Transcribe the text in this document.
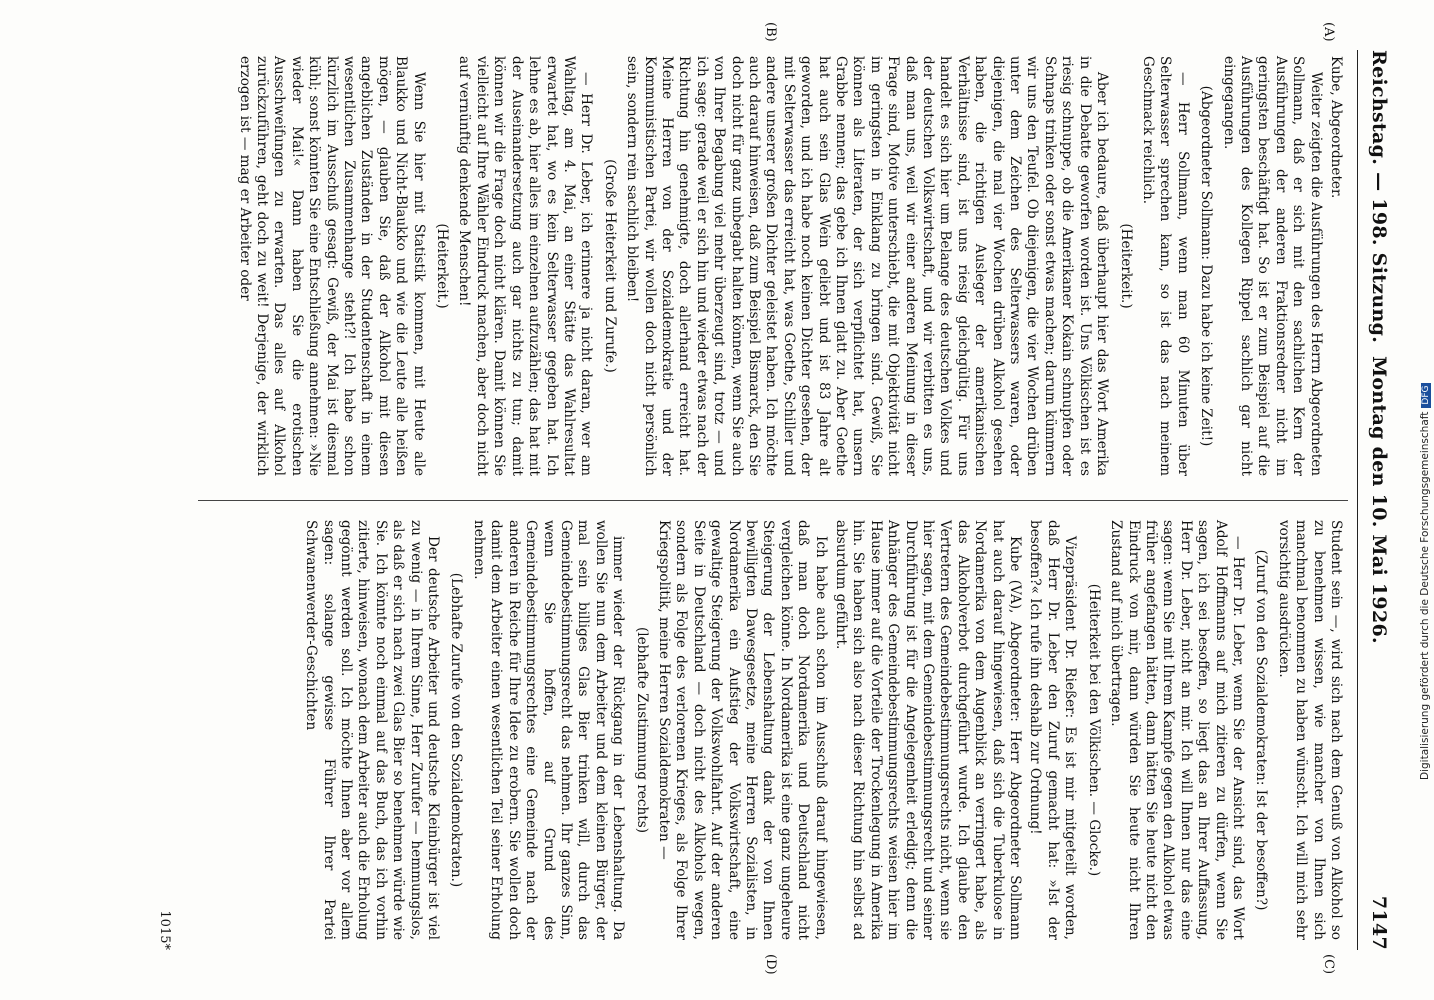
Reichstag. — 198. Sitzung.
Montag den 10. Mai 1926.
7147
(A)
(B)
(C)
(D)

Kube, Abgeordneter.

Weiter zeigten die Ausführungen des Herrn Abgeordneten Sollmann, daß er sich mit den sachlichen Kern der Ausführungen der anderen Fraktionsredner nicht im geringsten beschäftigt hat. So ist er zum Beispiel auf die Ausführungen des Kollegen Rippel sachlich gar nicht eingegangen.

(Abgeordneter Sollmann: Dazu habe ich keine Zeit!)

— Herr Sollmann, wenn man 60 Minuten über Selterwasser sprechen kann, so ist das nach meinem Geschmack reichlich.

(Heiterkeit.)

Aber ich bedaure, daß überhaupt hier das Wort Amerika in die Debatte geworfen worden ist. Uns Völkischen ist es riesig schnuppe, ob die Amerikaner Kokain schnupfen oder Schnaps trinken oder sonst etwas machen; darum kümmern wir uns den Teufel. Ob diejenigen, die vier Wochen drüben unter dem Zeichen des Selterwassers waren, oder diejenigen, die mal vier Wochen drüben Alkohol gesehen haben, die richtigen Ausleger der amerikanischen Verhältnisse sind, ist uns riesig gleichgültig. Für uns handelt es sich hier um Belange des deutschen Volkes und der deutschen Volkswirtschaft, und wir verbitten es uns, daß man uns, weil wir einer anderen Meinung in dieser Frage sind, Motive unterschiebt, die mit Objektivität nicht im geringsten in Einklang zu bringen sind. Gewiß, Sie können als Literaten, der sich verpflichtet hat, unsern Grabbe nennen; das gebe ich Ihnen glatt zu. Aber Goethe hat auch sein Glas Wein geliebt und ist 83 Jahre alt geworden, und ich habe noch keinen Dichter gesehen, der mit Selterwasser das erreicht hat, was Goethe, Schiller und andere unserer großen Dichter geleistet haben. Ich möchte auch darauf hinweisen, daß zum Beispiel Bismarck, den Sie doch nicht für ganz unbegabt halten können, wenn Sie auch von Ihrer Begabung viel mehr überzeugt sind, trotz — und ich sage: gerade weil er sich hin und wieder etwas nach der Richtung hin genehmigte, doch allerhand erreicht hat. Meine Herren von der Sozialdemokratie und der Kommunistischen Partei, wir wollen doch nicht persönlich sein, sondern rein sachlich bleiben!

(Große Heiterkeit und Zurufe.)

— Herr Dr. Leber, ich erinnere ja nicht daran, wer am Wahltag, am 4. Mai, an einer Stätte das Wahlresultat erwartet hat, wo es kein Selterwasser gegeben hat. Ich lehne es ab, hier alles im einzelnen aufzuzählen; das hat mit der Auseinandersetzung auch gar nichts zu tun; damit können wir die Frage doch nicht klären. Damit können Sie vielleicht auf Ihre Wähler Eindruck machen, aber doch nicht auf vernünftig denkende Menschen!

(Heiterkeit.)

Wenn Sie hier mit Statistik kommen, mit Heute alle Blaukko und Nicht-Blaukko und wie die Leute alle heißen mögen, — glauben Sie, daß der Alkohol mit diesen angeblichen Zuständen in der Studentenschaft in einem wesentlichen Zusammenhange steht?! Ich habe schon kürzlich im Ausschuß gesagt: Gewiß, der Mai ist diesmal kühl; sonst könnten Sie eine Entschließung annehmen: »Nie wieder Mai!« Dann haben Sie die erotischen Ausschweifungen zu erwarten. Das alles auf Alkohol zurückzuführen, geht doch zu weit! Derjenige, der wirklich erzogen ist — mag er Arbeiter oder

Student sein —, wird sich nach dem Genuß von Alkohol so zu benehmen wissen, wie mancher von Ihnen sich manchmal benommen zu haben wünscht. Ich will mich sehr vorsichtig ausdrücken.

(Zuruf von den Sozialdemokraten: Ist der besoffen?)

— Herr Dr. Leber, wenn Sie der Ansicht sind, das Wort Adolf Hoffmanns auf mich zitieren zu dürfen, wenn Sie sagen, ich sei besoffen, so liegt das an Ihrer Auffassung, Herr Dr. Leber, nicht an mir. Ich will Ihnen nur das eine sagen: wenn Sie mit Ihrem Kampfe gegen den Alkohol etwas früher angefangen hätten, dann hätten Sie heute nicht den Eindruck von mir, dann würden Sie heute nicht Ihren Zustand auf mich übertragen.

(Heiterkeit bei den Völkischen. — Glocke.)

Vizepräsident Dr. Rießer: Es ist mir mitgeteilt worden, daß Herr Dr. Leber den Zuruf gemacht hat: »Ist der besoffen?« Ich rufe ihn deshalb zur Ordnung!

Kube (VA), Abgeordneter: Herr Abgeordneter Sollmann hat auch darauf hingewiesen, daß sich die Tuberkulose in Nordamerika von dem Augenblick an verringert habe, als das Alkoholverbot durchgeführt wurde. Ich glaube den Vertretern des Gemeindebestimmungsrechts nicht, wenn sie hier sagen, mit dem Gemeindebestimmungsrecht und seiner Durchführung ist für die Angelegenheit erledigt; denn die Anhänger des Gemeindebestimmungsrechts weisen hier im Hause immer auf die Vorteile der Trockenlegung in Amerika hin. Sie haben sich also nach dieser Richtung hin selbst ad absurdum geführt.

Ich habe auch schon im Ausschuß darauf hingewiesen, daß man doch Nordamerika und Deutschland nicht vergleichen könne. In Nordamerika ist eine ganz ungeheure Steigerung der Lebenshaltung dank der von Ihnen bewilligten Dawesgesetze, meine Herren Sozialisten, in Nordamerika ein Aufstieg der Volkswirtschaft, eine gewaltige Steigerung der Volkswohlfahrt. Auf der anderen Seite in Deutschland — doch nicht des Alkohols wegen, sondern als Folge des verlorenen Krieges, als Folge Ihrer Kriegspolitik, meine Herren Sozialdemokraten —

(lebhafte Zustimmung rechts)

immer wieder der Rückgang in der Lebenshaltung. Da wollen Sie nun dem Arbeiter und dem kleinen Bürger, der mal sein billiges Glas Bier trinken will, durch das Gemeindebestimmungsrecht das nehmen. Ihr ganzes Sinn, wenn Sie hoffen, auf Grund des Gemeindebestimmungsrechtes eine Gemeinde nach der anderen in Reiche für Ihre Idee zu erobern. Sie wollen doch damit dem Arbeiter einen wesentlichen Teil seiner Erholung nehmen.

(Lebhafte Zurufe von den Sozialdemokraten.)

Der deutsche Arbeiter und deutsche Kleinbürger ist viel zu wenig — in Ihrem Sinne, Herr Zurufer — hemmungslos, als daß er sich nach zwei Glas Bier so benehmen würde wie Sie. Ich könnte noch einmal auf das Buch, das ich vorhin zitierte, hinweisen, wonach dem Arbeiter auch die Erholung gegönnt werden soll. Ich möchte Ihnen aber vor allem sagen: solange gewisse Führer Ihrer Partei Schwanenwerder-Geschichten

1015*
Digitalisierung gefördert durch die Deutsche ForschungsgemeinschaftDFG
